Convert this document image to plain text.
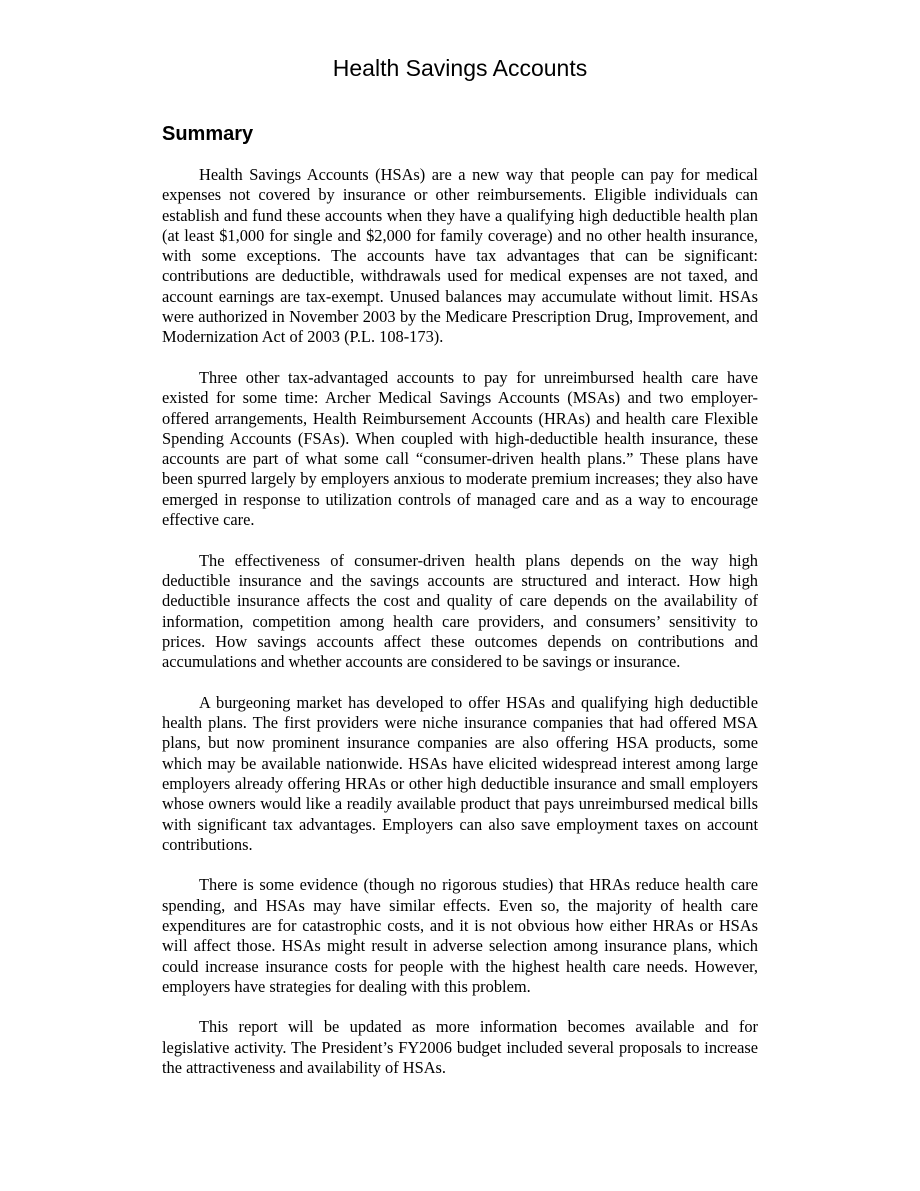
Health Savings Accounts
Summary

Health Savings Accounts (HSAs) are a new way that people can pay for medical expenses not covered by insurance or other reimbursements. Eligible individuals can establish and fund these accounts when they have a qualifying high deductible health plan (at least $1,000 for single and $2,000 for family coverage) and no other health insurance, with some exceptions. The accounts have tax advantages that can be significant: contributions are deductible, withdrawals used for medical expenses are not taxed, and account earnings are tax-exempt. Unused balances may accumulate without limit. HSAs were authorized in November 2003 by the Medicare Prescription Drug, Improvement, and Modernization Act of 2003 (P.L. 108-173).

Three other tax-advantaged accounts to pay for unreimbursed health care have existed for some time: Archer Medical Savings Accounts (MSAs) and two employer-offered arrangements, Health Reimbursement Accounts (HRAs) and health care Flexible Spending Accounts (FSAs). When coupled with high-deductible health insurance, these accounts are part of what some call “consumer-driven health plans.” These plans have been spurred largely by employers anxious to moderate premium increases; they also have emerged in response to utilization controls of managed care and as a way to encourage effective care.

The effectiveness of consumer-driven health plans depends on the way high deductible insurance and the savings accounts are structured and interact. How high deductible insurance affects the cost and quality of care depends on the availability of information, competition among health care providers, and consumers’ sensitivity to prices. How savings accounts affect these outcomes depends on contributions and accumulations and whether accounts are considered to be savings or insurance.

A burgeoning market has developed to offer HSAs and qualifying high deductible health plans. The first providers were niche insurance companies that had offered MSA plans, but now prominent insurance companies are also offering HSA products, some which may be available nationwide. HSAs have elicited widespread interest among large employers already offering HRAs or other high deductible insurance and small employers whose owners would like a readily available product that pays unreimbursed medical bills with significant tax advantages. Employers can also save employment taxes on account contributions.

There is some evidence (though no rigorous studies) that HRAs reduce health care spending, and HSAs may have similar effects. Even so, the majority of health care expenditures are for catastrophic costs, and it is not obvious how either HRAs or HSAs will affect those. HSAs might result in adverse selection among insurance plans, which could increase insurance costs for people with the highest health care needs. However, employers have strategies for dealing with this problem.

This report will be updated as more information becomes available and for legislative activity. The President’s FY2006 budget included several proposals to increase the attractiveness and availability of HSAs.
